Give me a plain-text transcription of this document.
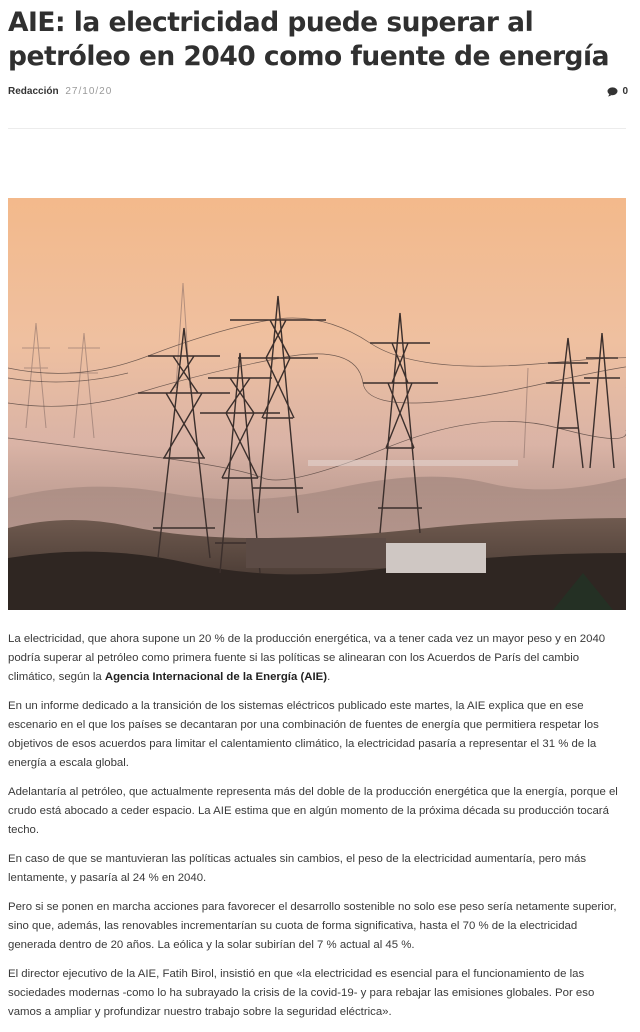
AIE: la electricidad puede superar al petróleo en 2040 como fuente de energía
Redacción 27/10/20	0

La electricidad, que ahora supone un 20 % de la producción energética, va a tener cada vez un mayor peso y en 2040 podría superar al petróleo como primera fuente si las políticas se alinearan con los Acuerdos de París del cambio climático, según la Agencia Internacional de la Energía (AIE).

En un informe dedicado a la transición de los sistemas eléctricos publicado este martes, la AIE explica que en ese escenario en el que los países se decantaran por una combinación de fuentes de energía que permitiera respetar los objetivos de esos acuerdos para limitar el calentamiento climático, la electricidad pasaría a representar el 31 % de la energía a escala global.

Adelantaría al petróleo, que actualmente representa más del doble de la producción energética que la energía, porque el crudo está abocado a ceder espacio. La AIE estima que en algún momento de la próxima década su producción tocará techo.

En caso de que se mantuvieran las políticas actuales sin cambios, el peso de la electricidad aumentaría, pero más lentamente, y pasaría al 24 % en 2040.

Pero si se ponen en marcha acciones para favorecer el desarrollo sostenible no solo ese peso sería netamente superior, sino que, además, las renovables incrementarían su cuota de forma significativa, hasta el 70 % de la electricidad generada dentro de 20 años. La eólica y la solar subirían del 7 % actual al 45 %.

El director ejecutivo de la AIE, Fatih Birol, insistió en que «la electricidad es esencial para el funcionamiento de las sociedades modernas -como lo ha subrayado la crisis de la covid-19- y para rebajar las emisiones globales. Por eso vamos a ampliar y profundizar nuestro trabajo sobre la seguridad eléctrica».
